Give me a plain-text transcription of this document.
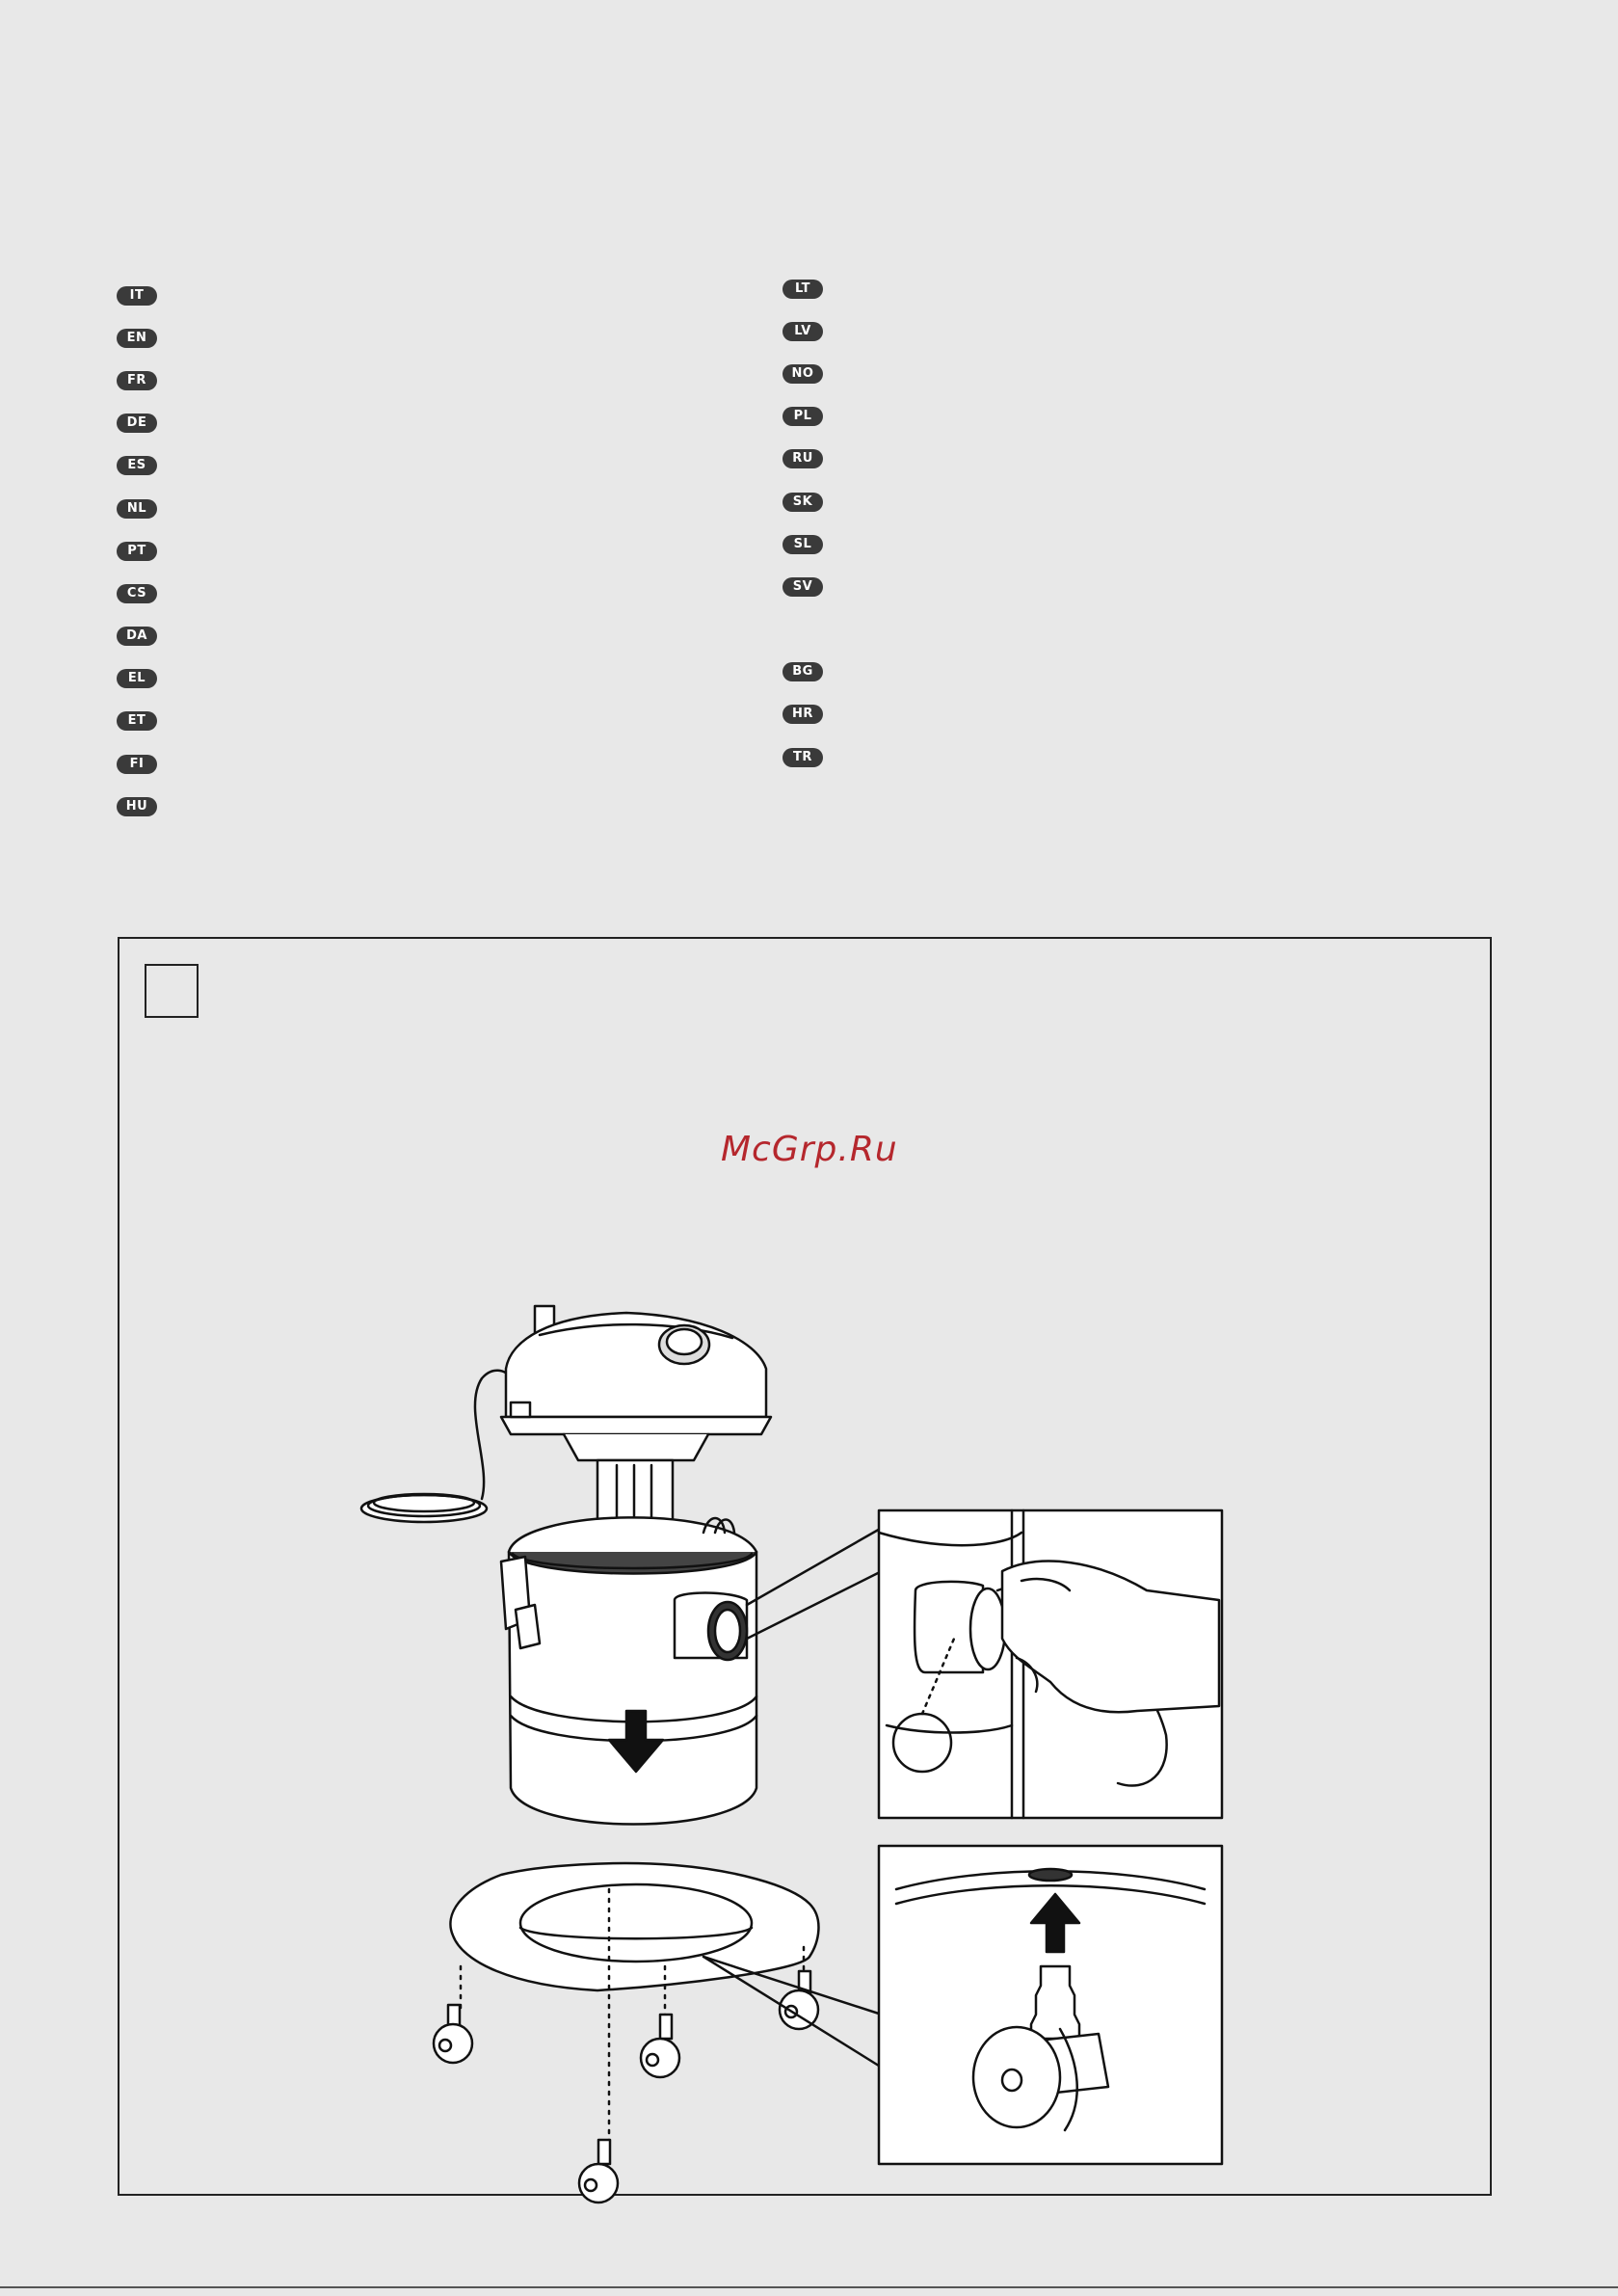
IT
EN
FR
DE
ES
NL
PT
CS
DA
EL
ET
FI
HU
LT
LV
NO
PL
RU
SK
SL
SV
BG
HR
TR
McGrp.Ru
